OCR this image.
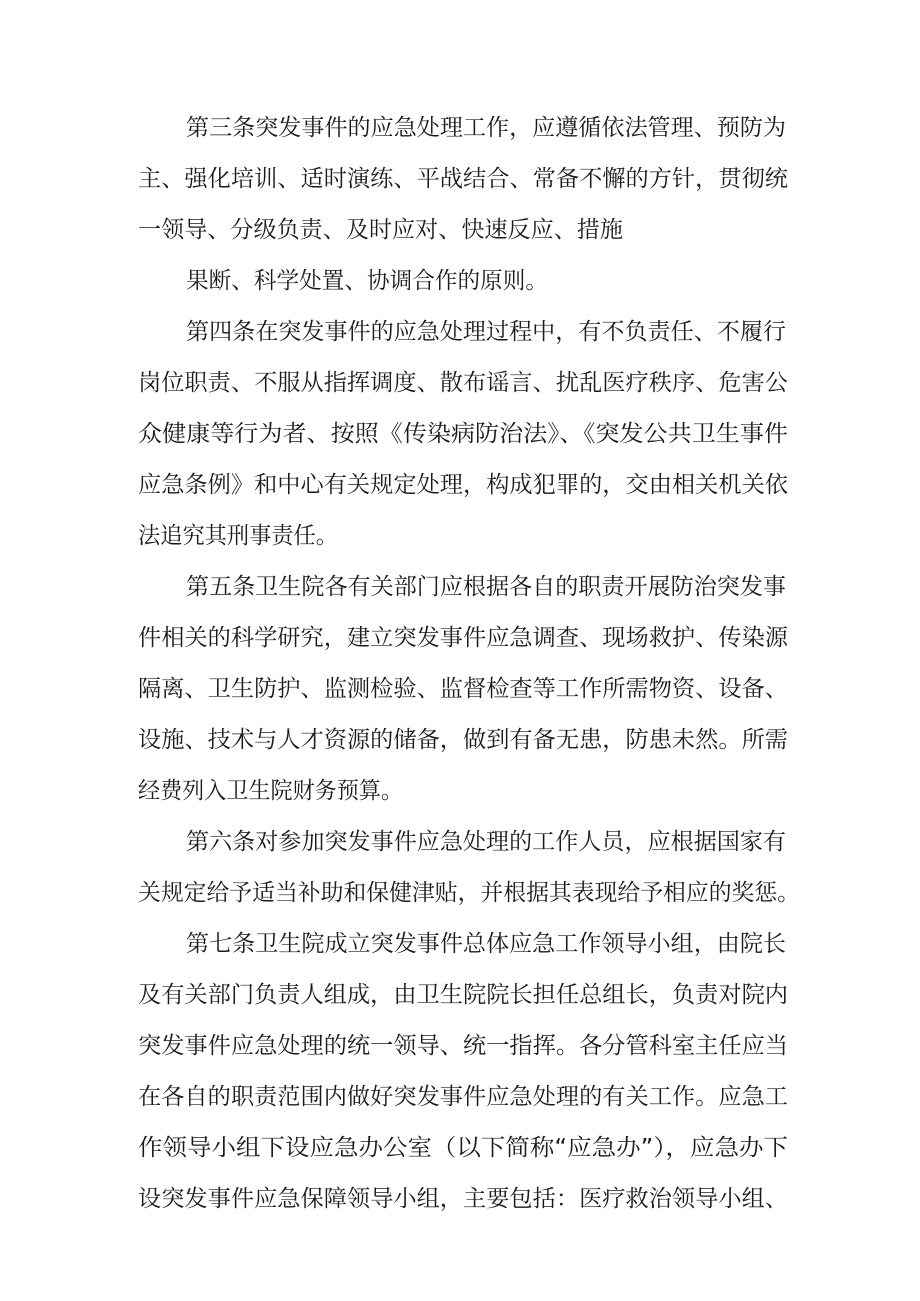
第三条突发事件的应急处理工作，应遵循依法管理、预防为
主、强化培训、适时演练、平战结合、常备不懈的方针，贯彻统
一领导、分级负责、及时应对、快速反应、措施
果断、科学处置、协调合作的原则。
第四条在突发事件的应急处理过程中，有不负责任、不履行
岗位职责、不服从指挥调度、散布谣言、扰乱医疗秩序、危害公
众健康等行为者、按照《传染病防治法》、《突发公共卫生事件
应急条例》和中心有关规定处理，构成犯罪的，交由相关机关依
法追究其刑事责任。
第五条卫生院各有关部门应根据各自的职责开展防治突发事
件相关的科学研究，建立突发事件应急调查、现场救护、传染源
隔离、卫生防护、监测检验、监督检查等工作所需物资、设备、
设施、技术与人才资源的储备，做到有备无患，防患未然。所需
经费列入卫生院财务预算。
第六条对参加突发事件应急处理的工作人员，应根据国家有
关规定给予适当补助和保健津贴，并根据其表现给予相应的奖惩。
第七条卫生院成立突发事件总体应急工作领导小组，由院长
及有关部门负责人组成，由卫生院院长担任总组长，负责对院内
突发事件应急处理的统一领导、统一指挥。各分管科室主任应当
在各自的职责范围内做好突发事件应急处理的有关工作。应急工
作领导小组下设应急办公室（以下简称“应急办”），应急办下
设突发事件应急保障领导小组，主要包括：医疗救治领导小组、
